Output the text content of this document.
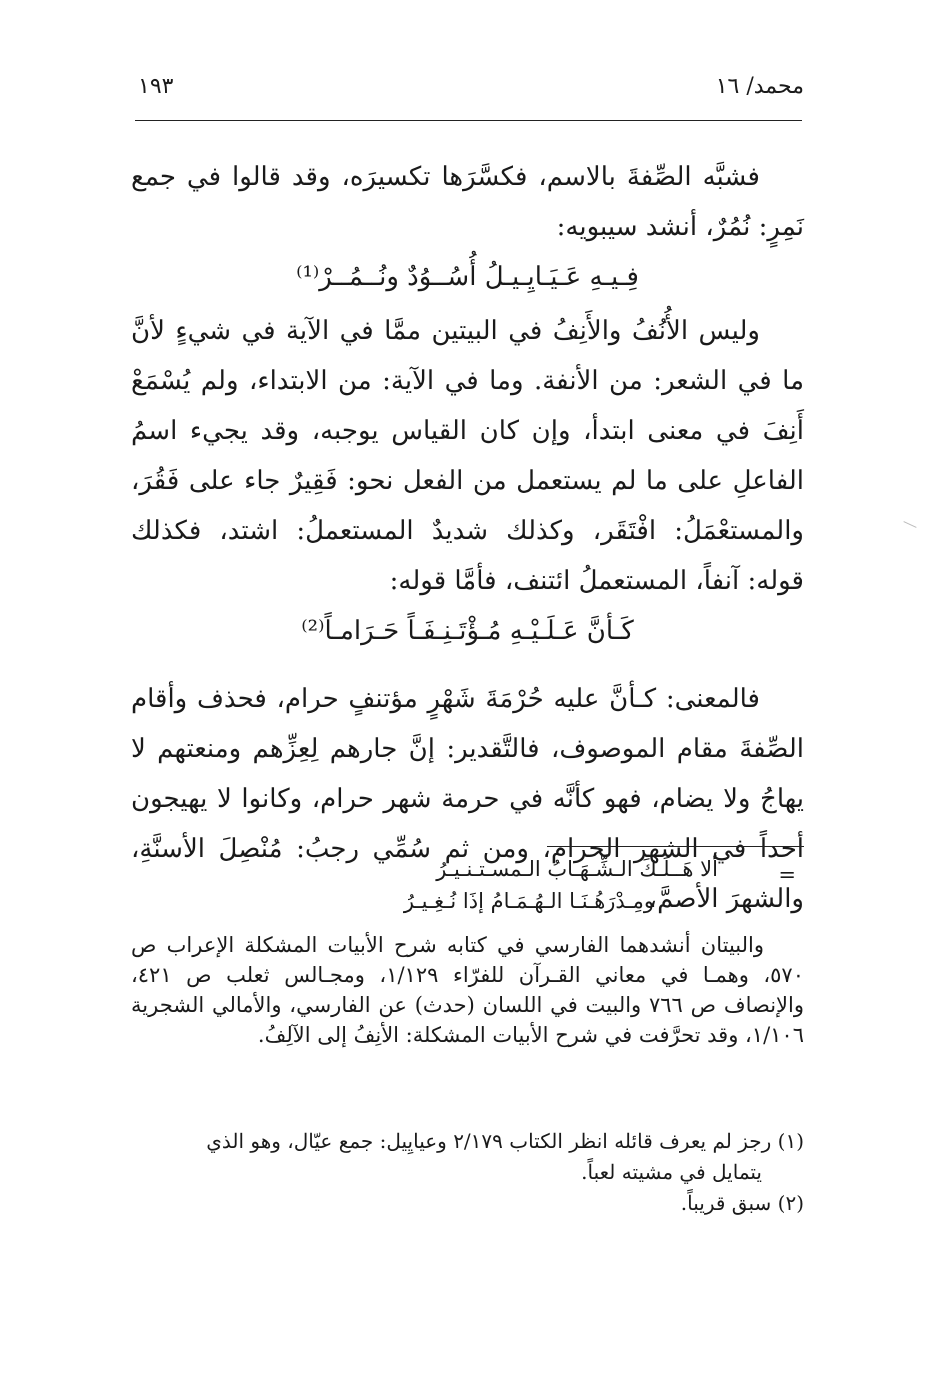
١٩٣	محمد/ ١٦

فشبَّه الصِّفةَ بالاسم، فكسَّرَها تكسيرَه، وقد قالوا في جمع نَمِرٍ: نُمُرٌ، أنشد سيبويه:

فِـيـهِ عَـيَـايِـيـلُ أُسُــوُدٌ ونُــمُــرْ⁽¹⁾

وليس الأُنُفُ والأَنِفُ في البيتين ممَّا في الآية في شيءٍ لأنَّ ما في الشعر: من الأنفة. وما في الآية: من الابتداء، ولم يُسْمَعْ أَنِفَ في معنى ابتدأ، وإن كان القياس يوجبه، وقد يجيء اسمُ الفاعلِ على ما لم يستعمل من الفعل نحو: فَقِيرٌ جاء على فَقُرَ، والمستعْمَلُ: افْتَقَر، وكذلك شديدٌ المستعملُ: اشتد، فكذلك قوله: آنفاً، المستعملُ ائتنف، فأمَّا قوله:

كَـأنَّ عَـلَـيْـهِ مُـؤْتَـنِـفَـاً حَـرَامـاً⁽²⁾

فالمعنى: كـأنَّ عليه حُرْمَةَ شَهْرٍ مؤتنفٍ حرام، فحذف وأقام الصِّفةَ مقام الموصوف، فالتَّقدير: إنَّ جارهم لِعِزِّهم ومنعتهم لا يهاجُ ولا يضام، فهو كأنَّه في حرمة شهر حرام، وكانوا لا يهيجون أحداً في الشهر الحرام، ومن ثم سُمِّي رجبُ: مُنْصِلَ الأسنَّةِ، والشهرَ الأصمَّ،

=

ألا هَــلَـكَ الـشِّـهَـابُ الـمسـتـنـيـرُ

ومِـدْرَهُـنَـا الـهُـمَـامُ إذَا نُـغِـيـرُ

والبيتان أنشدهما الفارسي في كتابه شرح الأبيات المشكلة الإعراب ص ٥٧٠، وهمـا في معاني القـرآن للفرّاء ١/١٢٩، ومجـالس ثعلب ص ٤٢١، والإنصاف ص ٧٦٦ والبيت في اللسان (حدث) عن الفارسي، والأمالي الشجرية ١/١٠٦، وقد تحرَّفت في شرح الأبيات المشكلة: الأنِفُ إلى الآلِفُ.

(١) رجز لم يعرف قائله انظر الكتاب ٢/١٧٩ وعيايِيل: جمع عيّال، وهو الذي

يتمايل في مشيته لعباً.

(٢) سبق قريباً.
